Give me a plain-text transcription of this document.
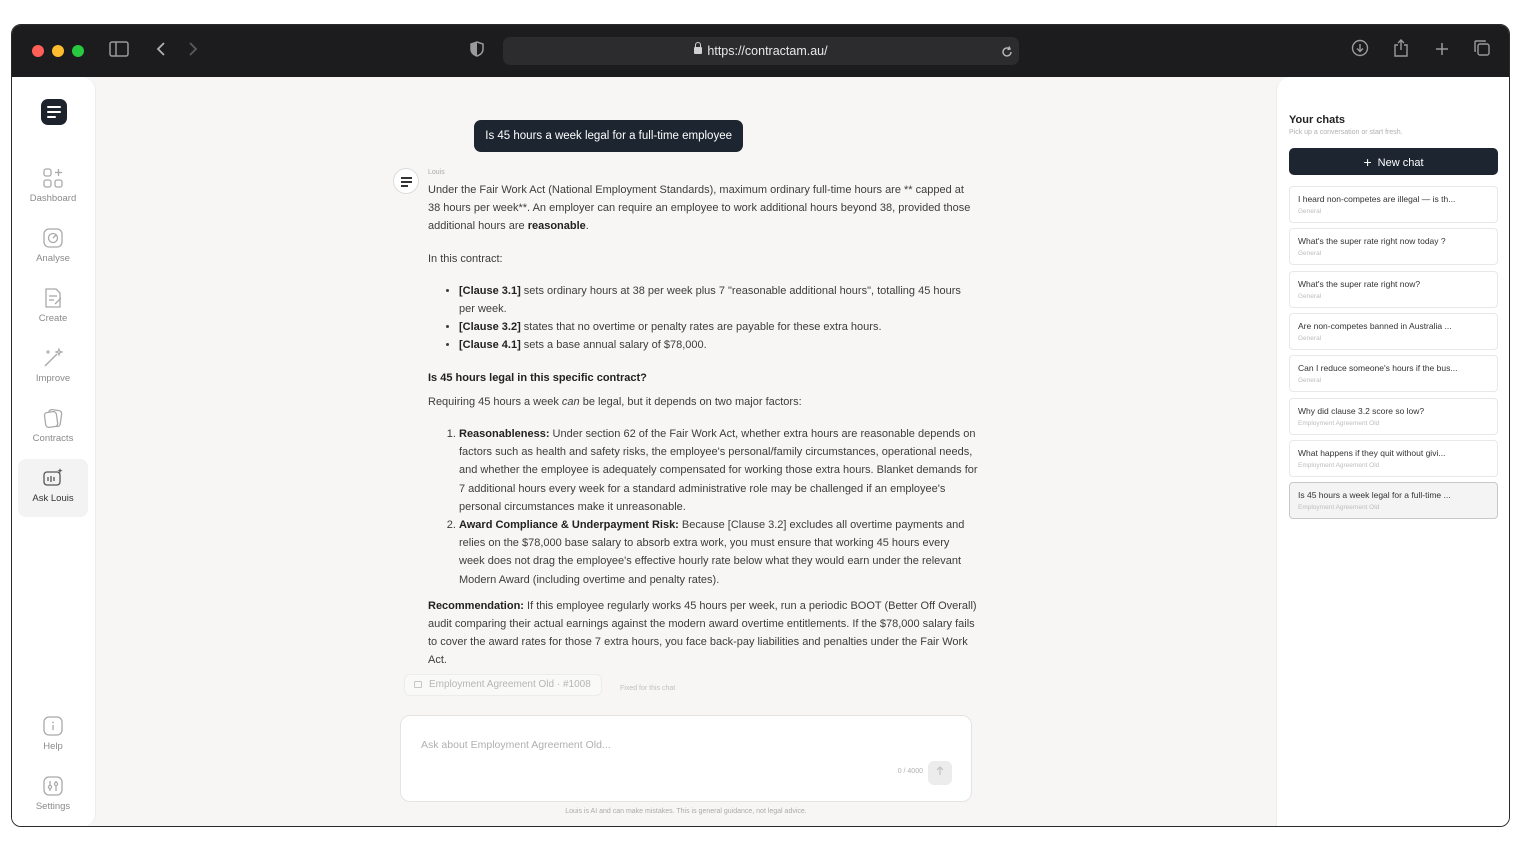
https://contractam.au/
Dashboard
Analyse
Create
Improve
Contracts
Ask Louis
Help
Settings
Is 45 hours a week legal for a full-time employee
Louis

Under the Fair Work Act (National Employment Standards), maximum ordinary full-time hours are ** capped at 38 hours per week**. An employer can require an employee to work additional hours beyond 38, provided those additional hours are reasonable.

In this contract:

• [Clause 3.1] sets ordinary hours at 38 per week plus 7 "reasonable additional hours", totalling 45 hours per week.
• [Clause 3.2] states that no overtime or penalty rates are payable for these extra hours.
• [Clause 4.1] sets a base annual salary of $78,000.

Is 45 hours legal in this specific contract?

Requiring 45 hours a week can be legal, but it depends on two major factors:

1. Reasonableness: Under section 62 of the Fair Work Act, whether extra hours are reasonable depends on factors such as health and safety risks, the employee's personal/family circumstances, operational needs, and whether the employee is adequately compensated for working those extra hours. Blanket demands for 7 additional hours every week for a standard administrative role may be challenged if an employee's personal circumstances make it unreasonable.
2. Award Compliance & Underpayment Risk: Because [Clause 3.2] excludes all overtime payments and relies on the $78,000 base salary to absorb extra work, you must ensure that working 45 hours every week does not drag the employee's effective hourly rate below what they would earn under the relevant Modern Award (including overtime and penalty rates).

Recommendation: If this employee regularly works 45 hours per week, run a periodic BOOT (Better Off Overall) audit comparing their actual earnings against the modern award overtime entitlements. If the $78,000 salary fails to cover the award rates for those 7 extra hours, you face back-pay liabilities and penalties under the Fair Work Act.

Employment Agreement Old · #1008	Fixed for this chat
Ask about Employment Agreement Old...
0 / 4000
Louis is AI and can make mistakes. This is general guidance, not legal advice.
Your chats
Pick up a conversation or start fresh.
+ New chat
I heard non-competes are illegal — is th...
General
What's the super rate right now today ?
General
What's the super rate right now?
General
Are non-competes banned in Australia ...
General
Can I reduce someone's hours if the bus...
General
Why did clause 3.2 score so low?
Employment Agreement Old
What happens if they quit without givi...
Employment Agreement Old
Is 45 hours a week legal for a full-time ...
Employment Agreement Old
